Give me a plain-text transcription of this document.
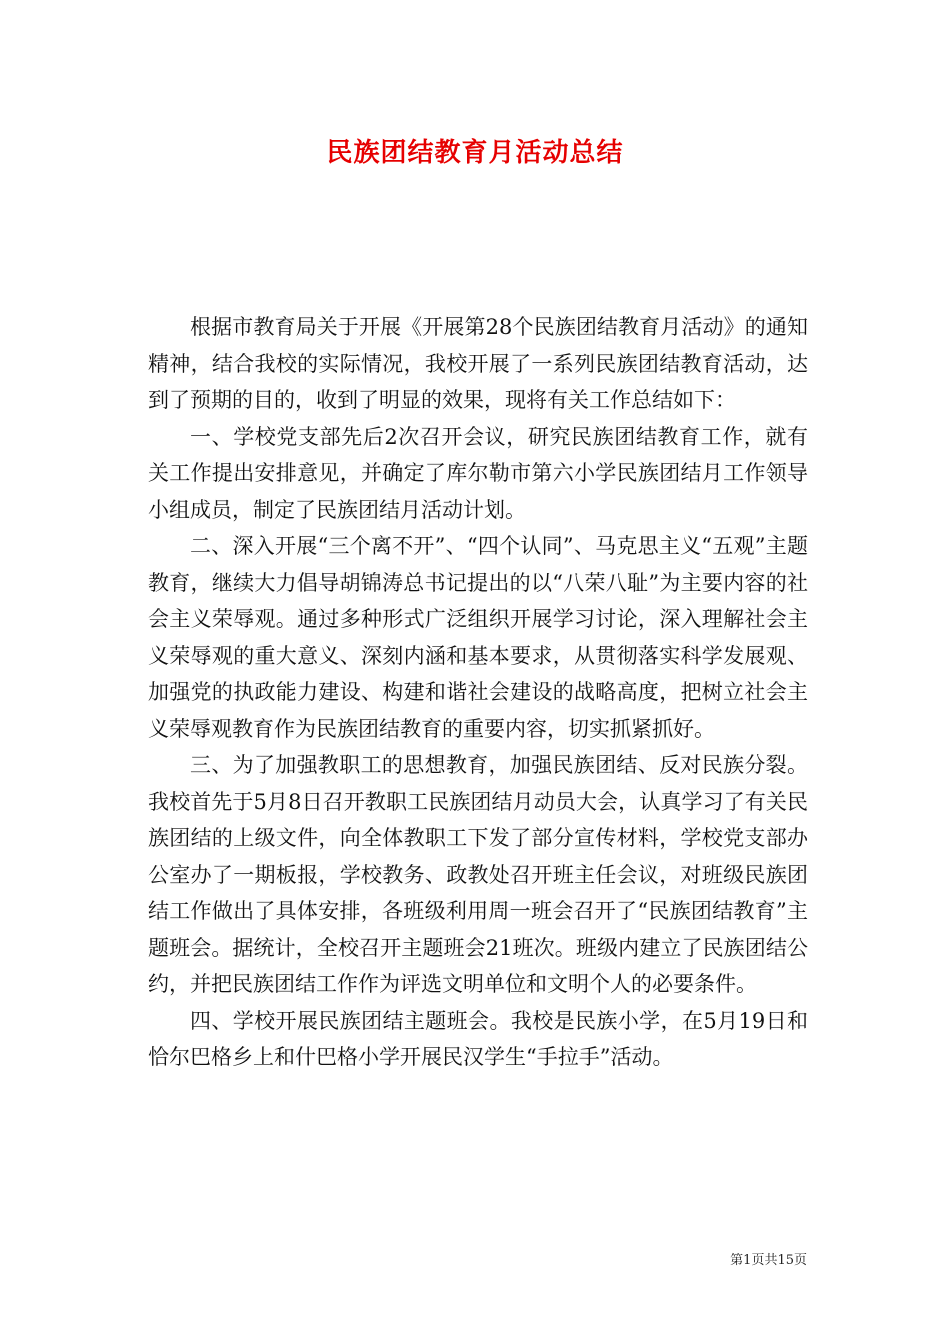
民族团结教育月活动总结

根据市教育局关于开展《开展第28个民族团结教育月活动》的通知精神，结合我校的实际情况，我校开展了一系列民族团结教育活动，达到了预期的目的，收到了明显的效果，现将有关工作总结如下：

一、学校党支部先后2次召开会议，研究民族团结教育工作，就有关工作提出安排意见，并确定了库尔勒市第六小学民族团结月工作领导小组成员，制定了民族团结月活动计划。

二、深入开展“三个离不开”、“四个认同”、马克思主义“五观”主题教育，继续大力倡导胡锦涛总书记提出的以“八荣八耻”为主要内容的社会主义荣辱观。通过多种形式广泛组织开展学习讨论，深入理解社会主义荣辱观的重大意义、深刻内涵和基本要求，从贯彻落实科学发展观、加强党的执政能力建设、构建和谐社会建设的战略高度，把树立社会主义荣辱观教育作为民族团结教育的重要内容，切实抓紧抓好。

三、为了加强教职工的思想教育，加强民族团结、反对民族分裂。我校首先于5月8日召开教职工民族团结月动员大会，认真学习了有关民族团结的上级文件，向全体教职工下发了部分宣传材料，学校党支部办公室办了一期板报，学校教务、政教处召开班主任会议，对班级民族团结工作做出了具体安排，各班级利用周一班会召开了“民族团结教育”主题班会。据统计，全校召开主题班会21班次。班级内建立了民族团结公约，并把民族团结工作作为评选文明单位和文明个人的必要条件。

四、学校开展民族团结主题班会。我校是民族小学，在5月19日和恰尔巴格乡上和什巴格小学开展民汉学生“手拉手”活动。

第1页共15页
